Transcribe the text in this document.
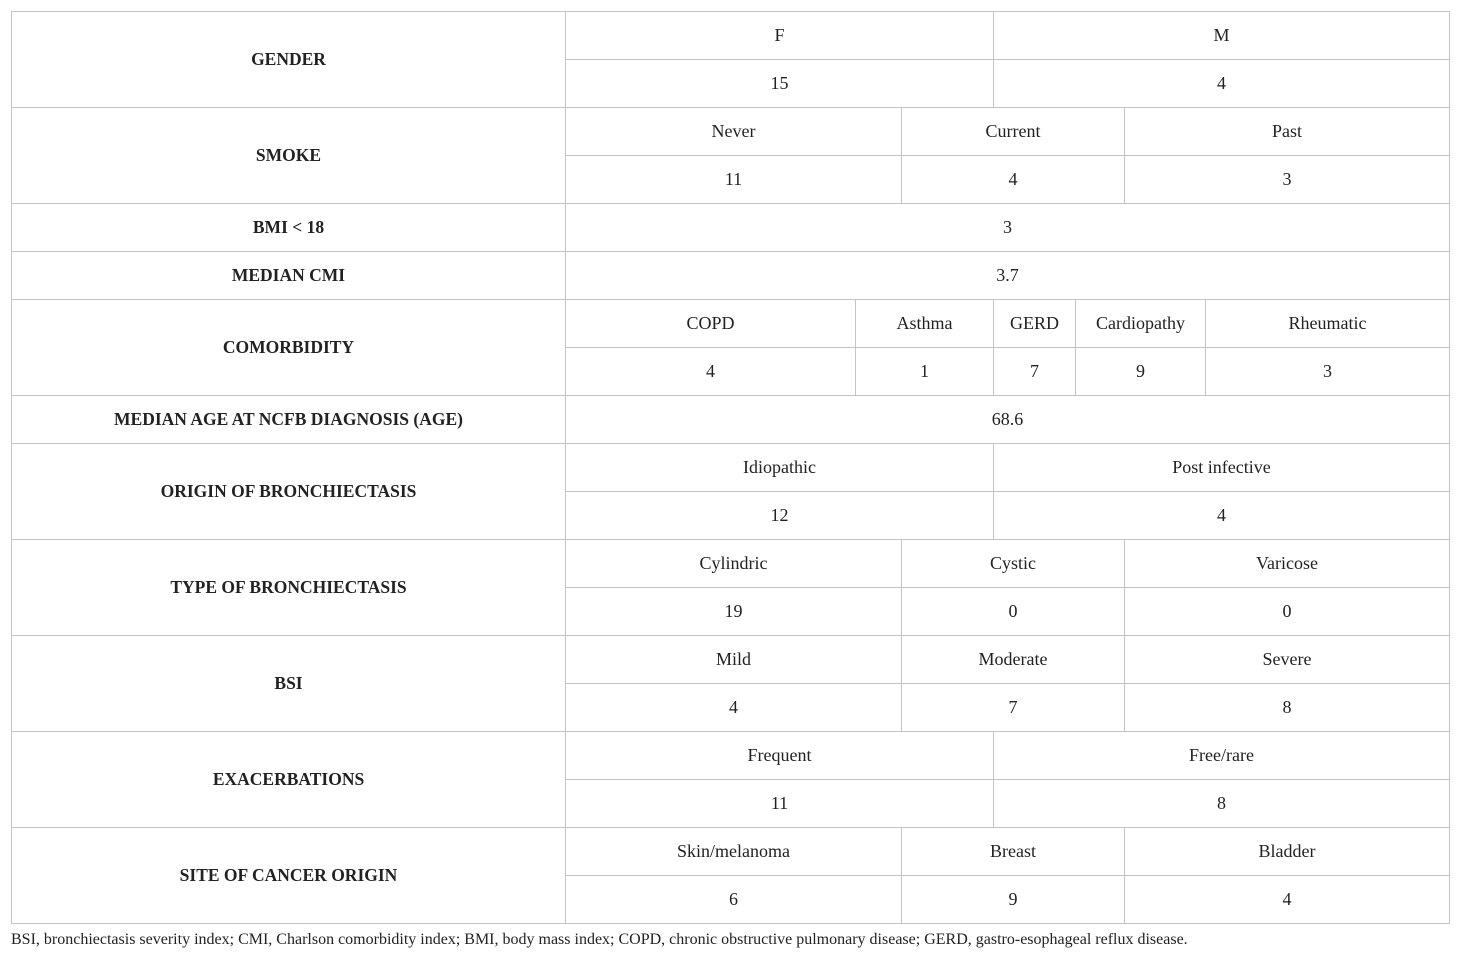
GENDER	F			M			
	15			4			
SMOKE	Never		Current			Past	
	11		4			3	
BMI < 18	3						
MEDIAN CMI	3.7						
COMORBIDITY	COPD	Asthma		GERD	Cardiopathy		Rheumatic
	4	1		7	9		3
MEDIAN AGE AT NCFB DIAGNOSIS (AGE)	68.6						
ORIGIN OF BRONCHIECTASIS	Idiopathic			Post infective			
	12			4			
TYPE OF BRONCHIECTASIS	Cylindric		Cystic			Varicose	
	19		0			0	
BSI	Mild		Moderate			Severe	
	4		7			8	
EXACERBATIONS	Frequent			Free/rare			
	11			8			
SITE OF CANCER ORIGIN	Skin/melanoma		Breast			Bladder	
	6		9			4	
BSI, bronchiectasis severity index; CMI, Charlson comorbidity index; BMI, body mass index; COPD, chronic obstructive pulmonary disease; GERD, gastro-esophageal reflux disease.
